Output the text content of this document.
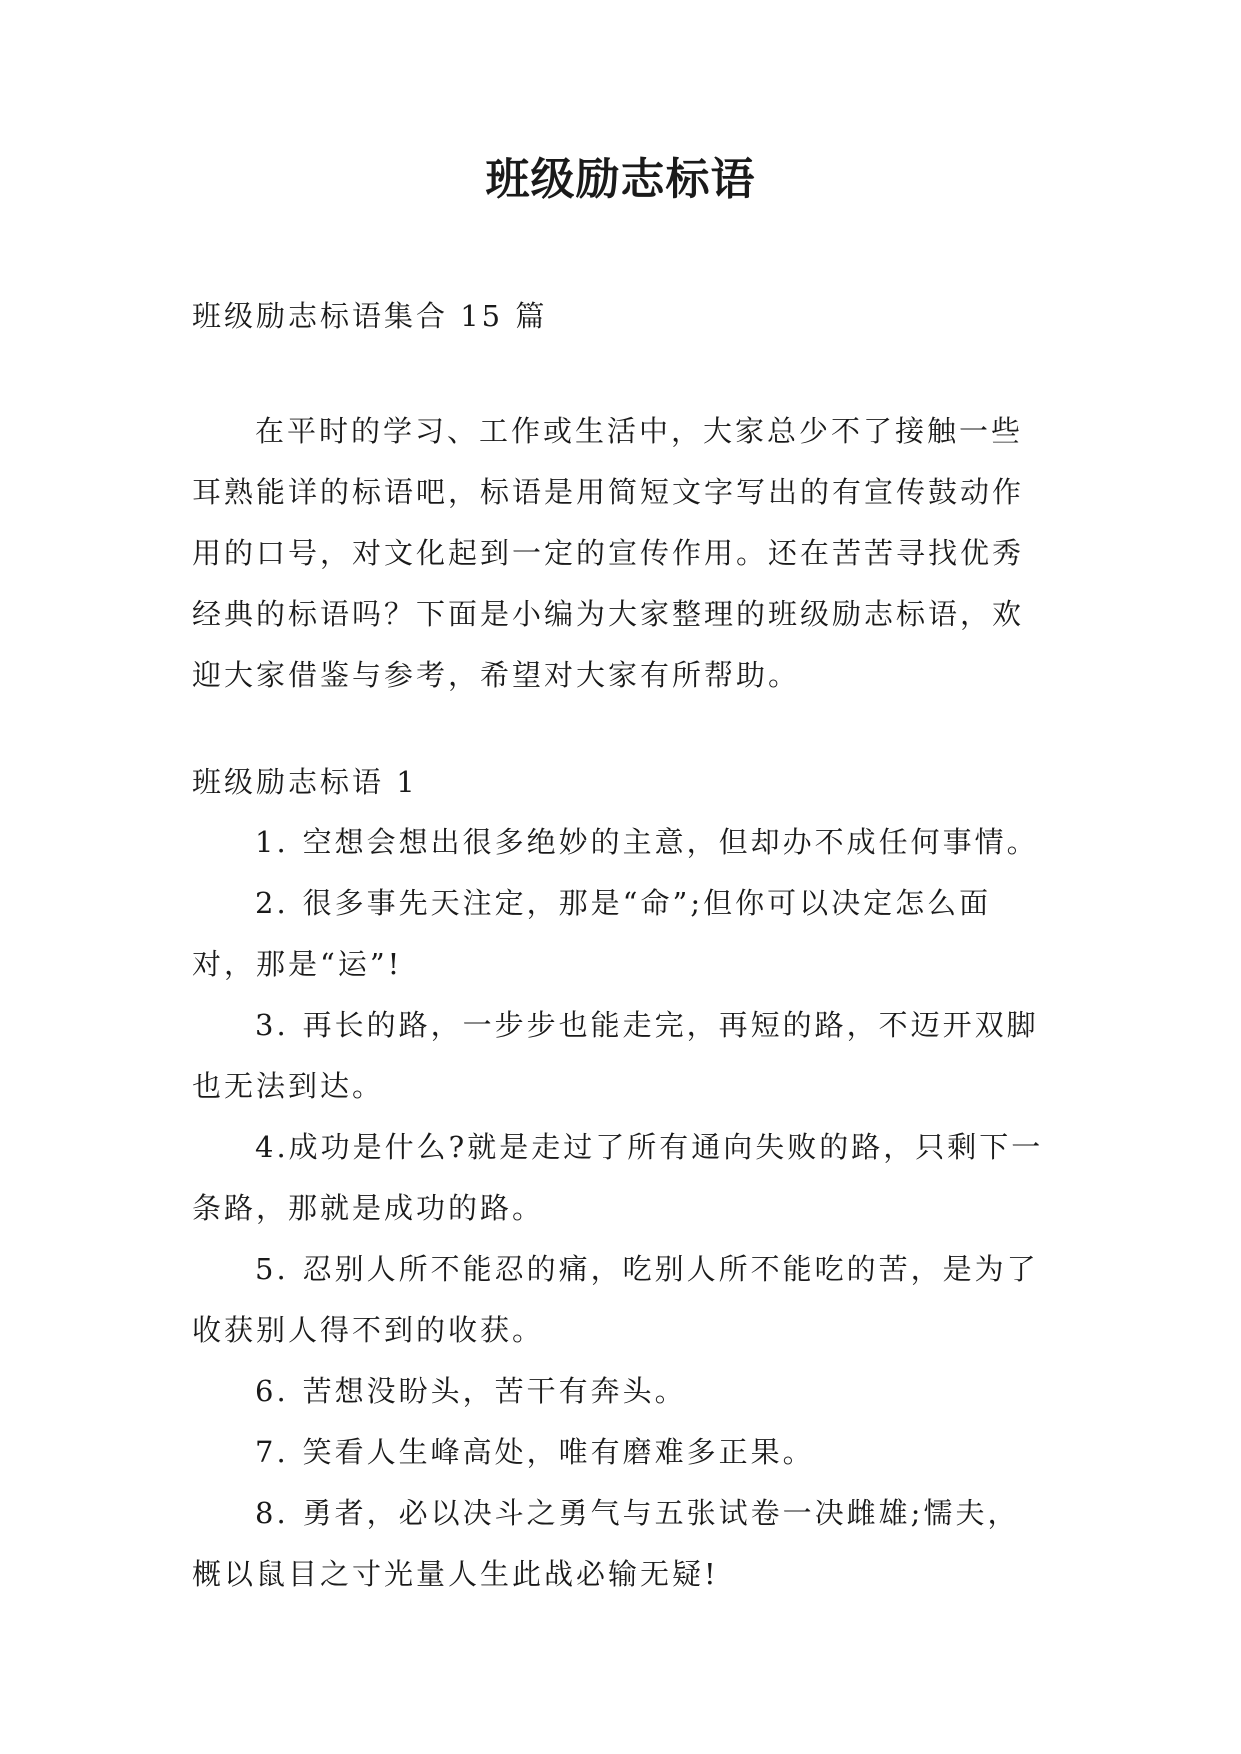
班级励志标语

班级励志标语集合 15 篇

在平时的学习、工作或生活中，大家总少不了接触一些耳熟能详的标语吧，标语是用简短文字写出的有宣传鼓动作用的口号，对文化起到一定的宣传作用。还在苦苦寻找优秀经典的标语吗？下面是小编为大家整理的班级励志标语，欢迎大家借鉴与参考，希望对大家有所帮助。

班级励志标语 1

1. 空想会想出很多绝妙的主意，但却办不成任何事情。
2. 很多事先天注定，那是“命”;但你可以决定怎么面对，那是“运”!
3. 再长的路，一步步也能走完，再短的路，不迈开双脚也无法到达。
4.成功是什么?就是走过了所有通向失败的路，只剩下一条路，那就是成功的路。
5. 忍别人所不能忍的痛，吃别人所不能吃的苦，是为了收获别人得不到的收获。
6. 苦想没盼头，苦干有奔头。
7. 笑看人生峰高处，唯有磨难多正果。
8. 勇者，必以决斗之勇气与五张试卷一决雌雄;懦夫，概以鼠目之寸光量人生此战必输无疑!
